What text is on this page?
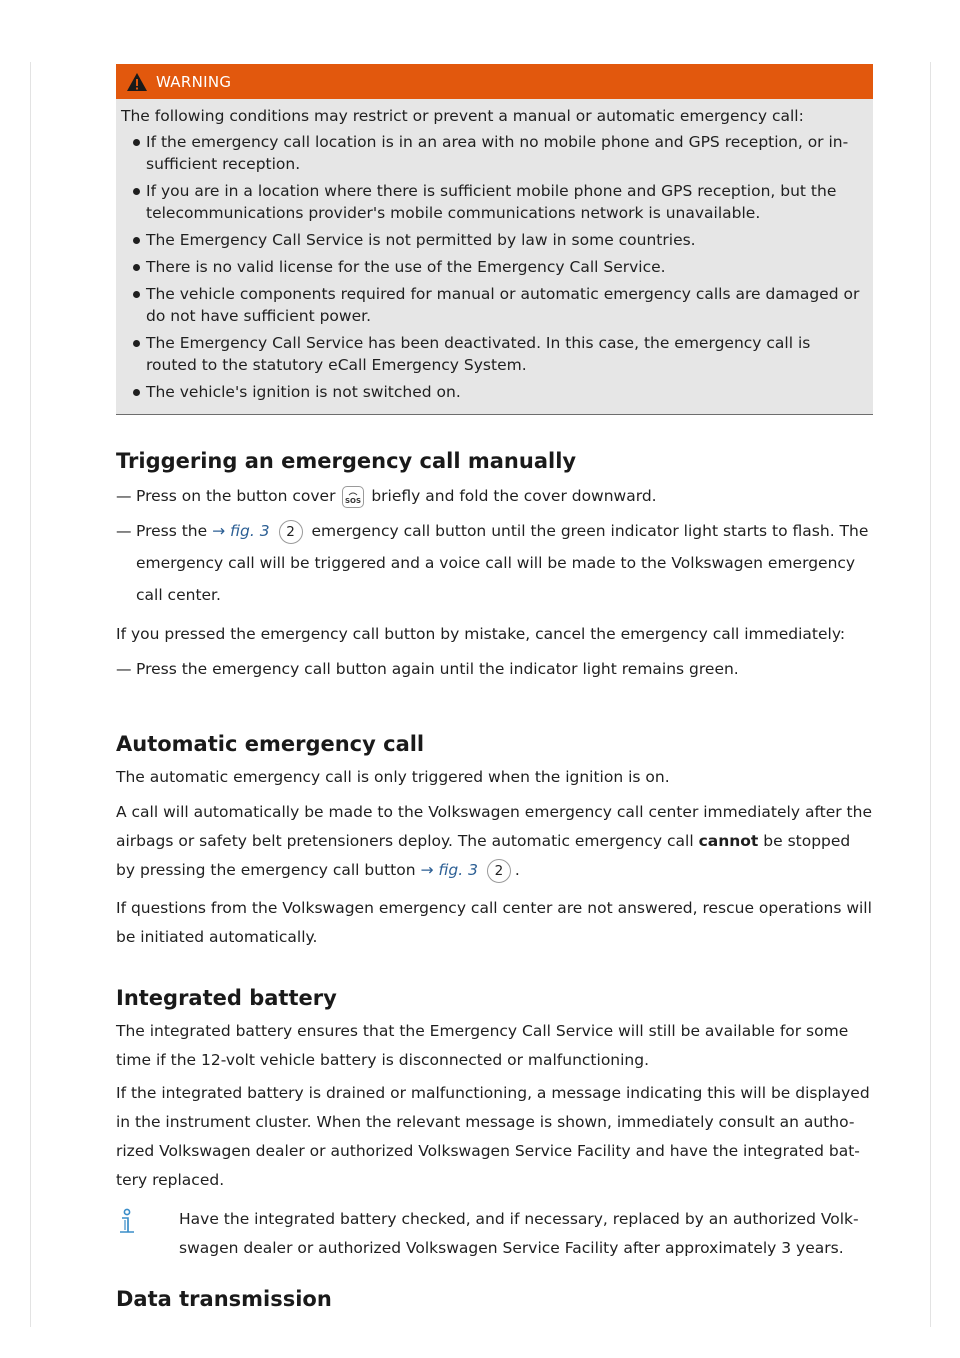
WARNING

The following conditions may restrict or prevent a manual or automatic emergency call:

If the emergency call location is in an area with no mobile phone and GPS reception, or in-sufficient reception.
If you are in a location where there is sufficient mobile phone and GPS reception, but the telecommunications provider's mobile communications network is unavailable.
The Emergency Call Service is not permitted by law in some countries.
There is no valid license for the use of the Emergency Call Service.
The vehicle components required for manual or automatic emergency calls are damaged or do not have sufficient power.
The Emergency Call Service has been deactivated. In this case, the emergency call is routed to the statutory eCall Emergency System.
The vehicle's ignition is not switched on.
Triggering an emergency call manually
— Press on the button cover SOS briefly and fold the cover downward.
— Press the → fig. 3 2 emergency call button until the green indicator light starts to flash. The emergency call will be triggered and a voice call will be made to the Volkswagen emergency call center.

If you pressed the emergency call button by mistake, cancel the emergency call immediately:

— Press the emergency call button again until the indicator light remains green.
Automatic emergency call

The automatic emergency call is only triggered when the ignition is on.

A call will automatically be made to the Volkswagen emergency call center immediately after the airbags or safety belt pretensioners deploy. The automatic emergency call cannot be stopped by pressing the emergency call button → fig. 3 2 .

If questions from the Volkswagen emergency call center are not answered, rescue operations will be initiated automatically.

Integrated battery

The integrated battery ensures that the Emergency Call Service will still be available for some time if the 12-volt vehicle battery is disconnected or malfunctioning.

If the integrated battery is drained or malfunctioning, a message indicating this will be displayed in the instrument cluster. When the relevant message is shown, immediately consult an autho-rized Volkswagen dealer or authorized Volkswagen Service Facility and have the integrated bat-tery replaced.

Have the integrated battery checked, and if necessary, replaced by an authorized Volk-swagen dealer or authorized Volkswagen Service Facility after approximately 3 years.

Data transmission
